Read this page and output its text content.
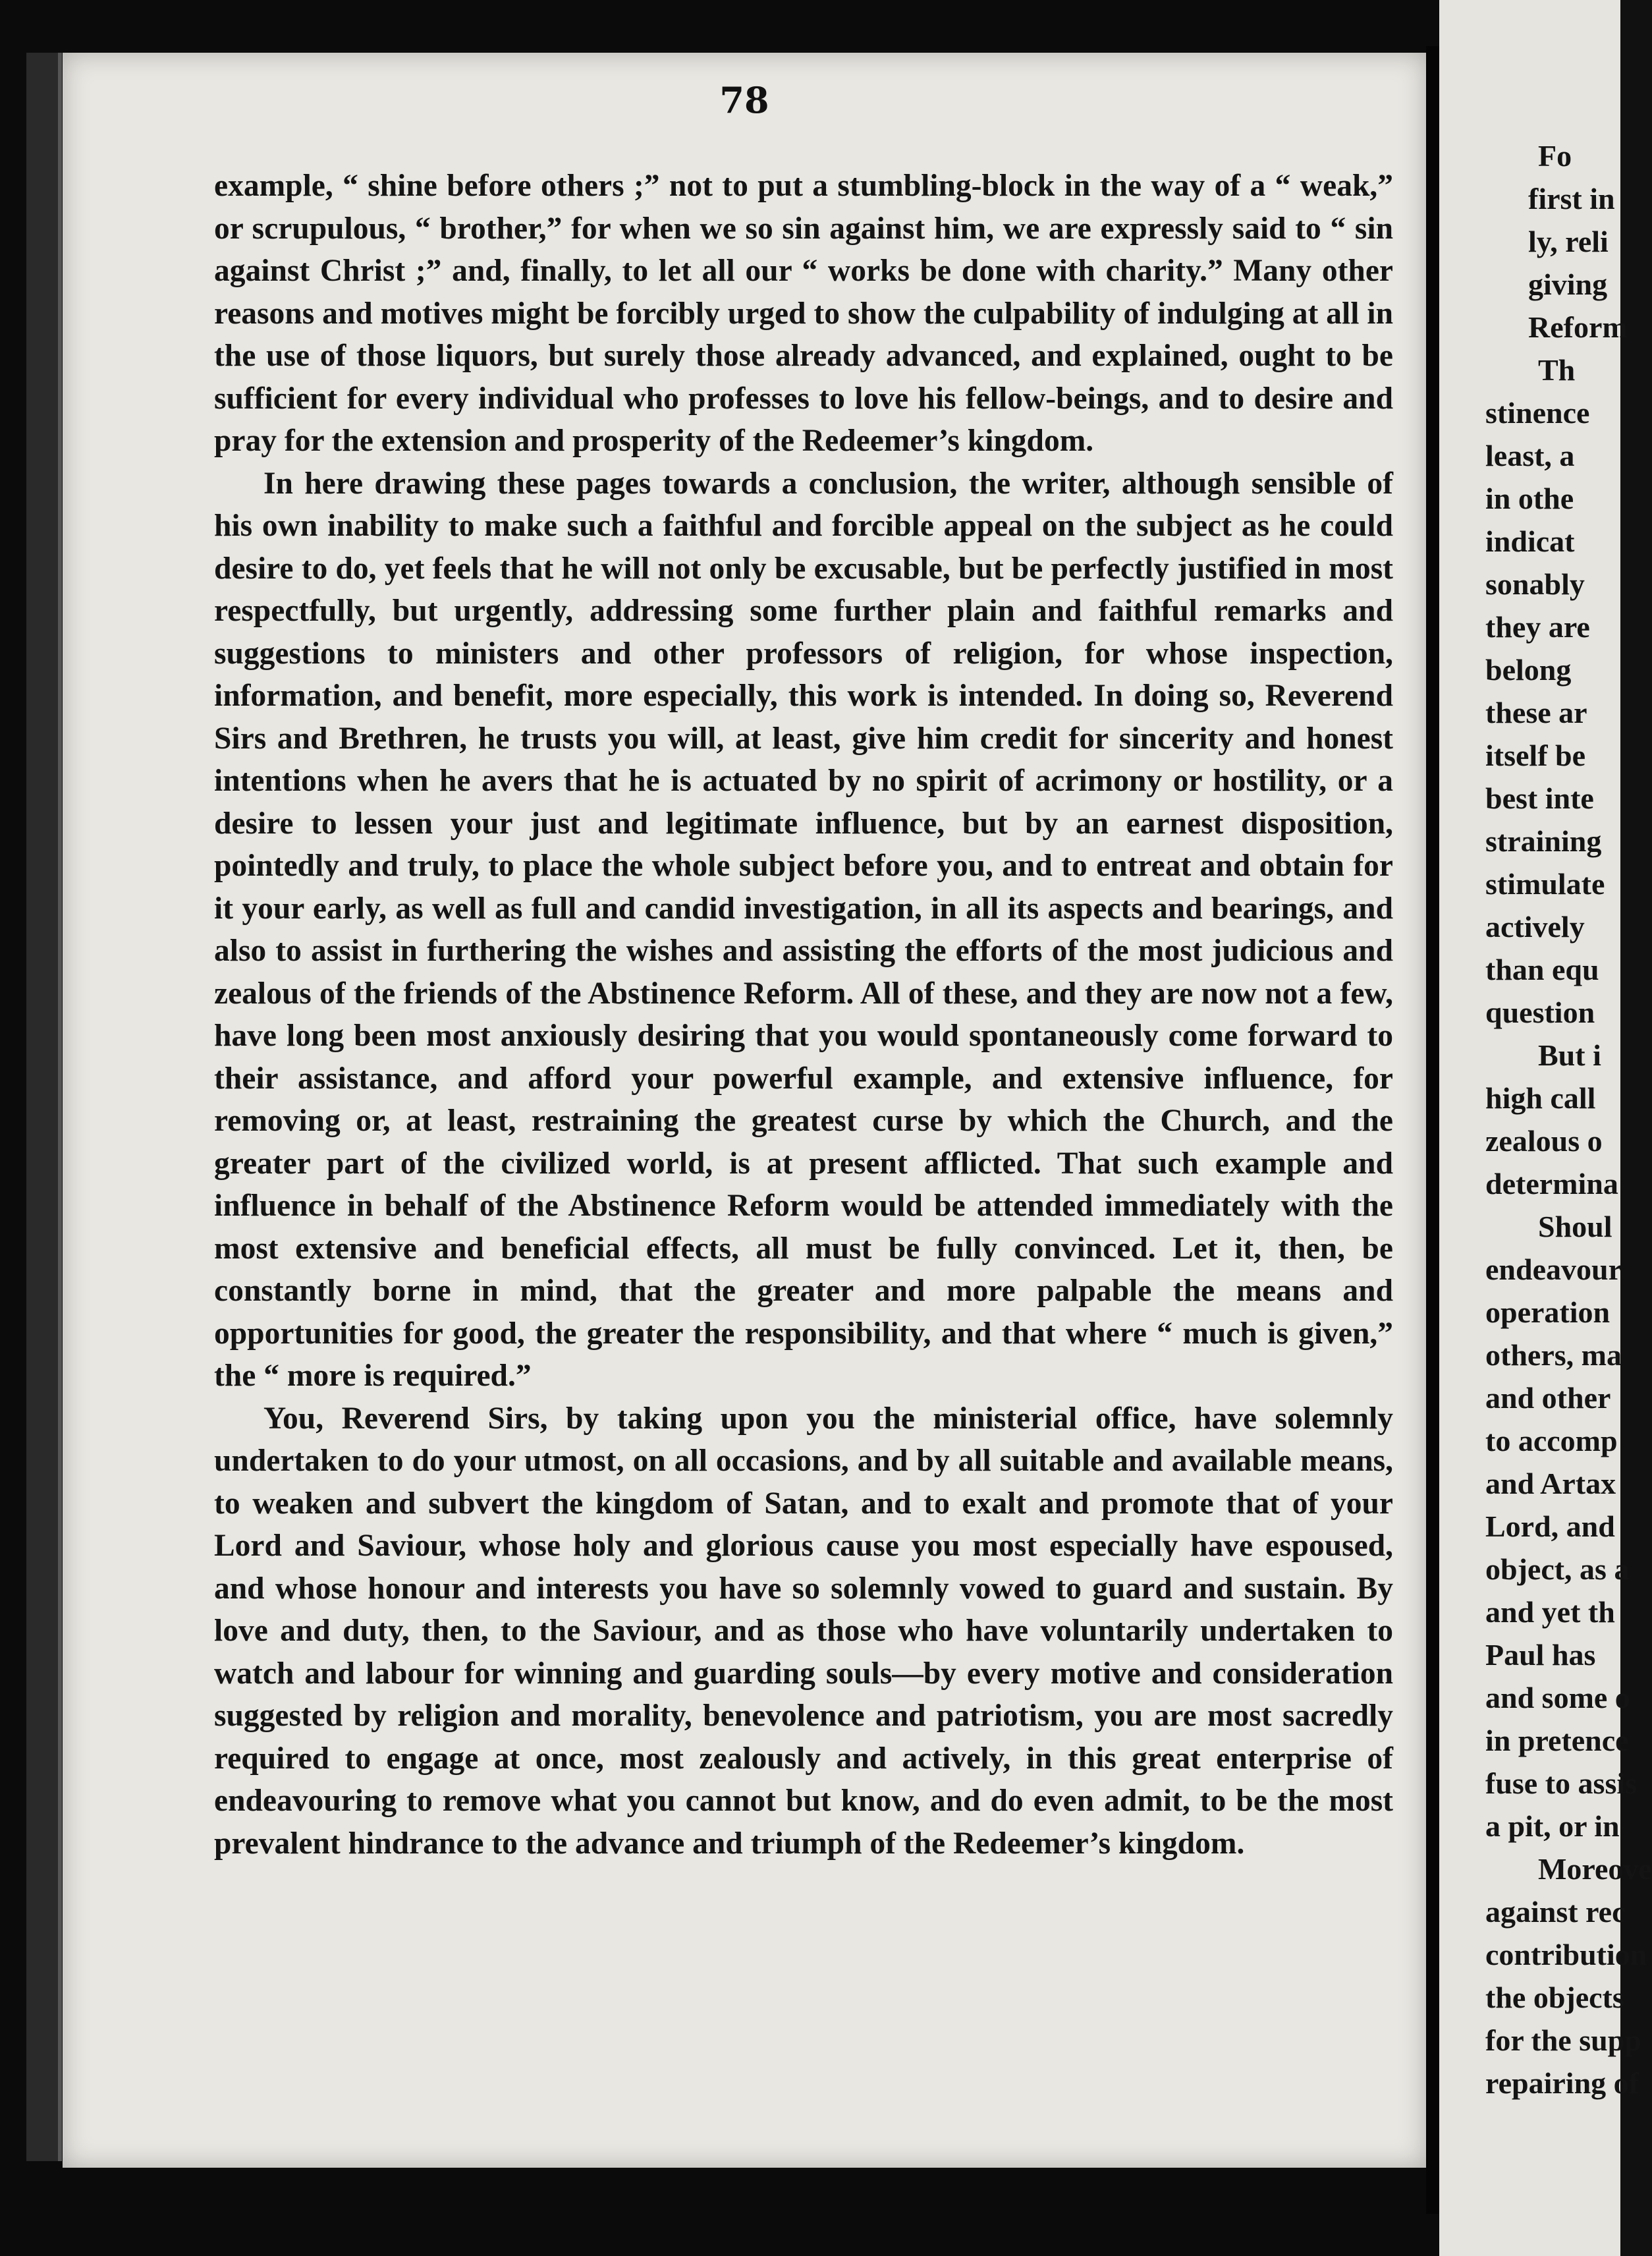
78

example, “ shine before others ;” not to put a stumbling-block in the way of a “ weak,” or scrupulous, “ brother,” for when we so sin against him, we are expressly said to “ sin against Christ ;” and, finally, to let all our “ works be done with charity.” Many other reasons and motives might be forcibly urged to show the culpability of indulging at all in the use of those liquors, but surely those already advanced, and explained, ought to be sufficient for every individual who professes to love his fellow-beings, and to desire and pray for the extension and prosperity of the Redeemer’s kingdom.

In here drawing these pages towards a conclusion, the writer, although sensible of his own inability to make such a faithful and forcible appeal on the subject as he could desire to do, yet feels that he will not only be excusable, but be perfectly justified in most respectfully, but urgently, addressing some further plain and faithful remarks and suggestions to ministers and other professors of religion, for whose inspection, information, and benefit, more especially, this work is intended. In doing so, Reverend Sirs and Brethren, he trusts you will, at least, give him credit for sincerity and honest intentions when he avers that he is actuated by no spirit of acrimony or hostility, or a desire to lessen your just and legitimate influence, but by an earnest disposition, pointedly and truly, to place the whole subject before you, and to entreat and obtain for it your early, as well as full and candid investigation, in all its aspects and bearings, and also to assist in furthering the wishes and assisting the efforts of the most judicious and zealous of the friends of the Abstinence Reform. All of these, and they are now not a few, have long been most anxiously desiring that you would spontaneously come forward to their assistance, and afford your powerful example, and extensive influence, for removing or, at least, restraining the greatest curse by which the Church, and the greater part of the civilized world, is at present afflicted. That such example and influence in behalf of the Abstinence Reform would be attended immediately with the most extensive and beneficial effects, all must be fully convinced. Let it, then, be constantly borne in mind, that the greater and more palpable the means and opportunities for good, the greater the responsibility, and that where “ much is given,” the “ more is required.”

You, Reverend Sirs, by taking upon you the ministerial office, have solemnly undertaken to do your utmost, on all occasions, and by all suitable and available means, to weaken and subvert the kingdom of Satan, and to exalt and promote that of your Lord and Saviour, whose holy and glorious cause you most especially have espoused, and whose honour and interests you have so solemnly vowed to guard and sustain. By love and duty, then, to the Saviour, and as those who have voluntarily undertaken to watch and labour for winning and guarding souls—by every motive and consideration suggested by religion and morality, benevolence and patriotism, you are most sacredly required to engage at once, most zealously and actively, in this great enterprise of endeavouring to remove what you cannot but know, and do even admit, to be the most prevalent hindrance to the advance and triumph of the Redeemer’s kingdom.

Fo
first in
ly, reli
giving
Reform
Th
stinence
least, a
in othe
indicat
sonably
they are
belong
these ar
itself be
best inte
straining
stimulate
actively
than equ
question
But i
high call
zealous o
determina
Shoul
endeavour
operation
others, ma
and other
to accomp
and Artax
Lord, and
object, as a
and yet th
Paul has
and some o
in pretence
fuse to assis
a pit, or in
Moreove
against rec
contribution
the objects
for the supp
repairing of
